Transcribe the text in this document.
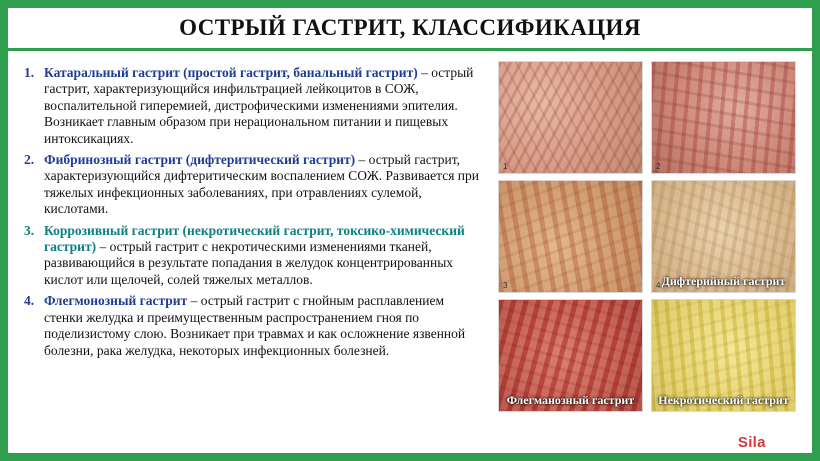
ОСТРЫЙ ГАСТРИТ, КЛАССИФИКАЦИЯ
1. Катаральный гастрит (простой гастрит, банальный гастрит) – острый гастрит, характеризующийся инфильтрацией лейкоцитов в СОЖ, воспалительной гиперемией, дистрофическими изменениями эпителия. Возникает главным образом при нерациональном питании и пищевых интоксикациях.
2. Фибринозный гастрит (дифтеритический гастрит) – острый гастрит, характеризующийся дифтеритическим воспалением СОЖ. Развивается при тяжелых инфекционных заболеваниях, при отравлениях сулемой, кислотами.
3. Коррозивный гастрит (некротический гастрит, токсико-химический гастрит) – острый гастрит с некротическими изменениями тканей, развивающийся в результате попадания в желудок концентрированных кислот или щелочей, солей тяжелых металлов.
4. Флегмонозный гастрит – острый гастрит с гнойным расплавлением стенки желудка и преимущественным распространением гноя по поделизистому слою. Возникает при травмах и как осложнение язвенной болезни, рака желудка, некоторых инфекционных болезней.
1	2
3	4 Дифтерийный гастрит
Флегманозный гастрит	Некротический гастрит
MedSila.com
